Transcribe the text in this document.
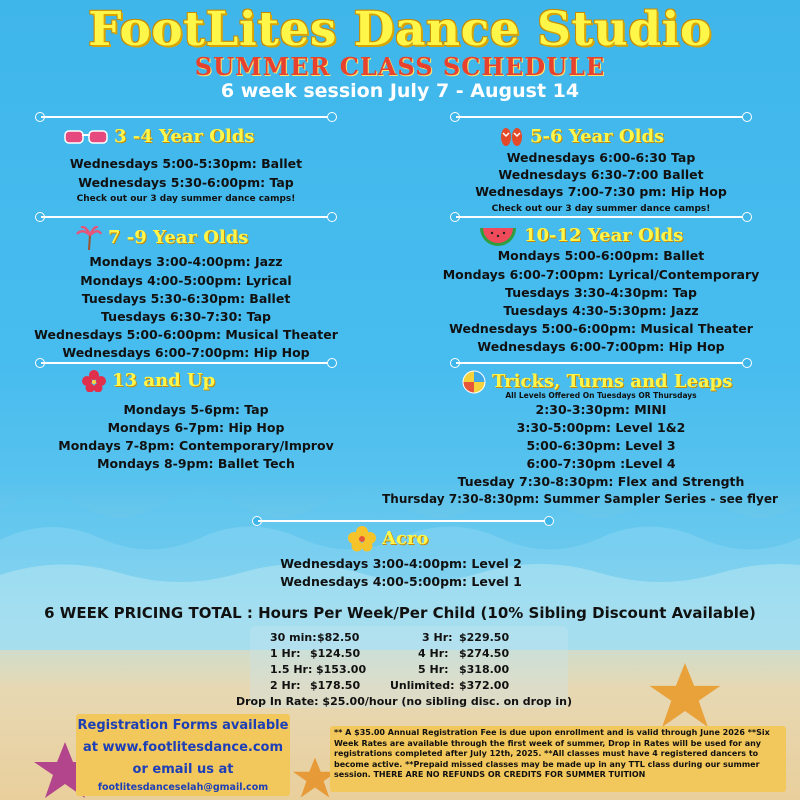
FootLites Dance Studio
SUMMER CLASS SCHEDULE
6 week session July 7 - August 14
3 -4 Year Olds
Wednesdays 5:00-5:30pm: Ballet
Wednesdays 5:30-6:00pm: Tap
Check out our 3 day summer dance camps!
5-6 Year Olds
Wednesdays 6:00-6:30 Tap
Wednesdays 6:30-7:00 Ballet
Wednesdays 7:00-7:30 pm: Hip Hop
Check out our 3 day summer dance camps!
7 -9 Year Olds
Mondays 3:00-4:00pm: Jazz
Mondays 4:00-5:00pm: Lyrical
Tuesdays 5:30-6:30pm: Ballet
Tuesdays 6:30-7:30: Tap
Wednesdays 5:00-6:00pm: Musical Theater
Wednesdays 6:00-7:00pm: Hip Hop
10-12 Year Olds
Mondays 5:00-6:00pm: Ballet
Mondays 6:00-7:00pm: Lyrical/Contemporary
Tuesdays 3:30-4:30pm: Tap
Tuesdays 4:30-5:30pm: Jazz
Wednesdays 5:00-6:00pm: Musical Theater
Wednesdays 6:00-7:00pm: Hip Hop
13 and Up
Mondays 5-6pm: Tap
Mondays 6-7pm: Hip Hop
Mondays 7-8pm: Contemporary/Improv
Mondays 8-9pm: Ballet Tech
Tricks, Turns and Leaps
All Levels Offered On Tuesdays OR Thursdays
2:30-3:30pm: MINI
3:30-5:00pm: Level 1&2
5:00-6:30pm: Level 3
6:00-7:30pm :Level 4
Tuesday 7:30-8:30pm: Flex and Strength
Thursday 7:30-8:30pm: Summer Sampler Series - see flyer
Acro
Wednesdays 3:00-4:00pm: Level 2
Wednesdays 4:00-5:00pm: Level 1
6 WEEK PRICING TOTAL : Hours Per Week/Per Child (10% Sibling Discount Available)
30 min: $82.50
1 Hr: $124.50
1.5 Hr: $153.00
2 Hr: $178.50
3 Hr: $229.50
4 Hr: $274.50
5 Hr: $318.00
Unlimited: $372.00
Drop In Rate: $25.00/hour (no sibling disc. on drop in)
Registration Forms available
at www.footlitesdance.com
or email us at
footlitesdanceselah@gmail.com
** A $35.00 Annual Registration Fee is due upon enrollment and is valid through June 2026 **Six Week Rates are available through the first week of summer, Drop in Rates will be used for any registrations completed after July 12th, 2025. **All classes must have 4 registered dancers to become active. **Prepaid missed classes may be made up in any TTL class during our summer session. THERE ARE NO REFUNDS OR CREDITS FOR SUMMER TUITION
